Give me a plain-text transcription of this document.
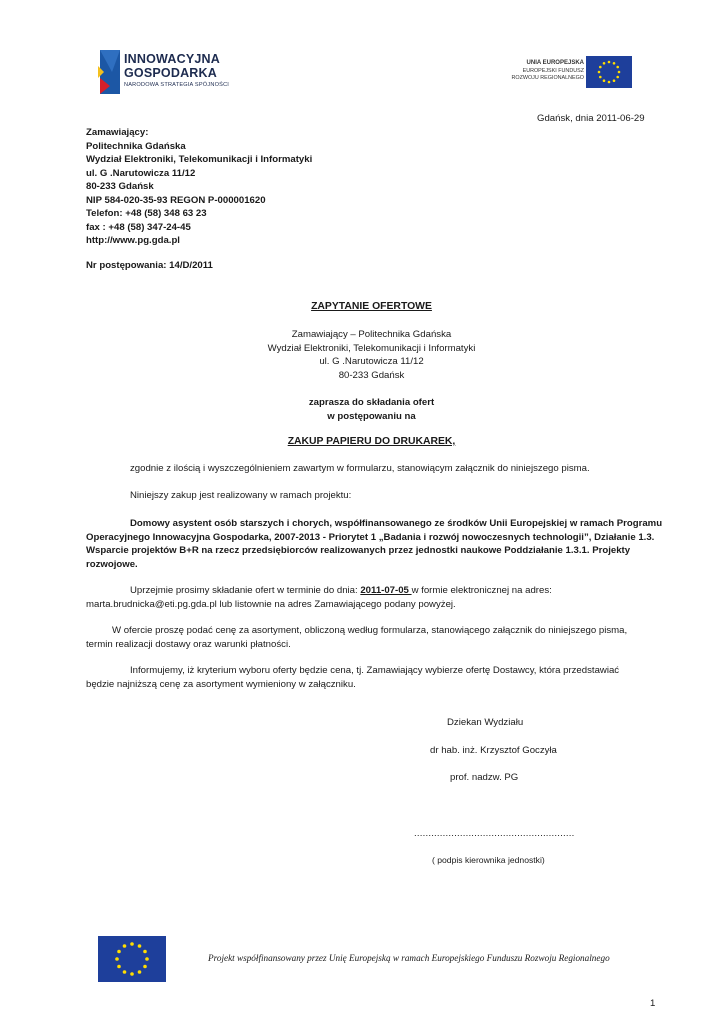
INNOWACYJNA
GOSPODARKA
NARODOWA STRATEGIA SPÓJNOŚCI
UNIA EUROPEJSKA
EUROPEJSKI FUNDUSZ
ROZWOJU REGIONALNEGO
Gdańsk, dnia 2011-06-29
Zamawiający:
Politechnika Gdańska
Wydział Elektroniki, Telekomunikacji i Informatyki
ul. G .Narutowicza 11/12
80-233 Gdańsk
NIP 584-020-35-93 REGON P-000001620
Telefon: +48 (58) 348 63 23
fax : +48 (58) 347-24-45
http://www.pg.gda.pl
Nr postępowania: 14/D/2011
ZAPYTANIE OFERTOWE
Zamawiający – Politechnika Gdańska
Wydział Elektroniki, Telekomunikacji i Informatyki
ul. G .Narutowicza 11/12
80-233 Gdańsk
zaprasza do składania ofert
w postępowaniu na
ZAKUP PAPIERU DO DRUKAREK,
zgodnie z ilością i wyszczególnieniem zawartym w formularzu, stanowiącym załącznik do niniejszego pisma.
Niniejszy zakup jest realizowany w ramach projektu:
Domowy asystent osób starszych i chorych, współfinansowanego ze środków Unii Europejskiej w ramach Programu
Operacyjnego Innowacyjna Gospodarka, 2007-2013 - Priorytet 1 „Badania i rozwój nowoczesnych technologii”, Działanie 1.3.
Wsparcie projektów B+R na rzecz przedsiębiorców realizowanych przez jednostki naukowe Poddziałanie 1.3.1. Projekty
rozwojowe.
Uprzejmie prosimy składanie ofert w terminie do dnia: 2011-07-05 w formie elektronicznej na adres:
marta.brudnicka@eti.pg.gda.pl lub listownie na adres Zamawiającego podany powyżej.
W ofercie proszę podać cenę za asortyment, obliczoną według formularza, stanowiącego załącznik do niniejszego pisma,
termin realizacji dostawy oraz warunki płatności.
Informujemy, iż kryterium wyboru oferty będzie cena, tj. Zamawiający wybierze ofertę Dostawcy, która przedstawiać
będzie najniższą cenę za asortyment wymieniony w załączniku.
Dziekan Wydziału
dr hab. inż. Krzysztof Goczyła
prof. nadzw. PG
........................................................
( podpis kierownika jednostki)
Projekt współfinansowany przez Unię Europejską w ramach Europejskiego Funduszu Rozwoju Regionalnego
1
